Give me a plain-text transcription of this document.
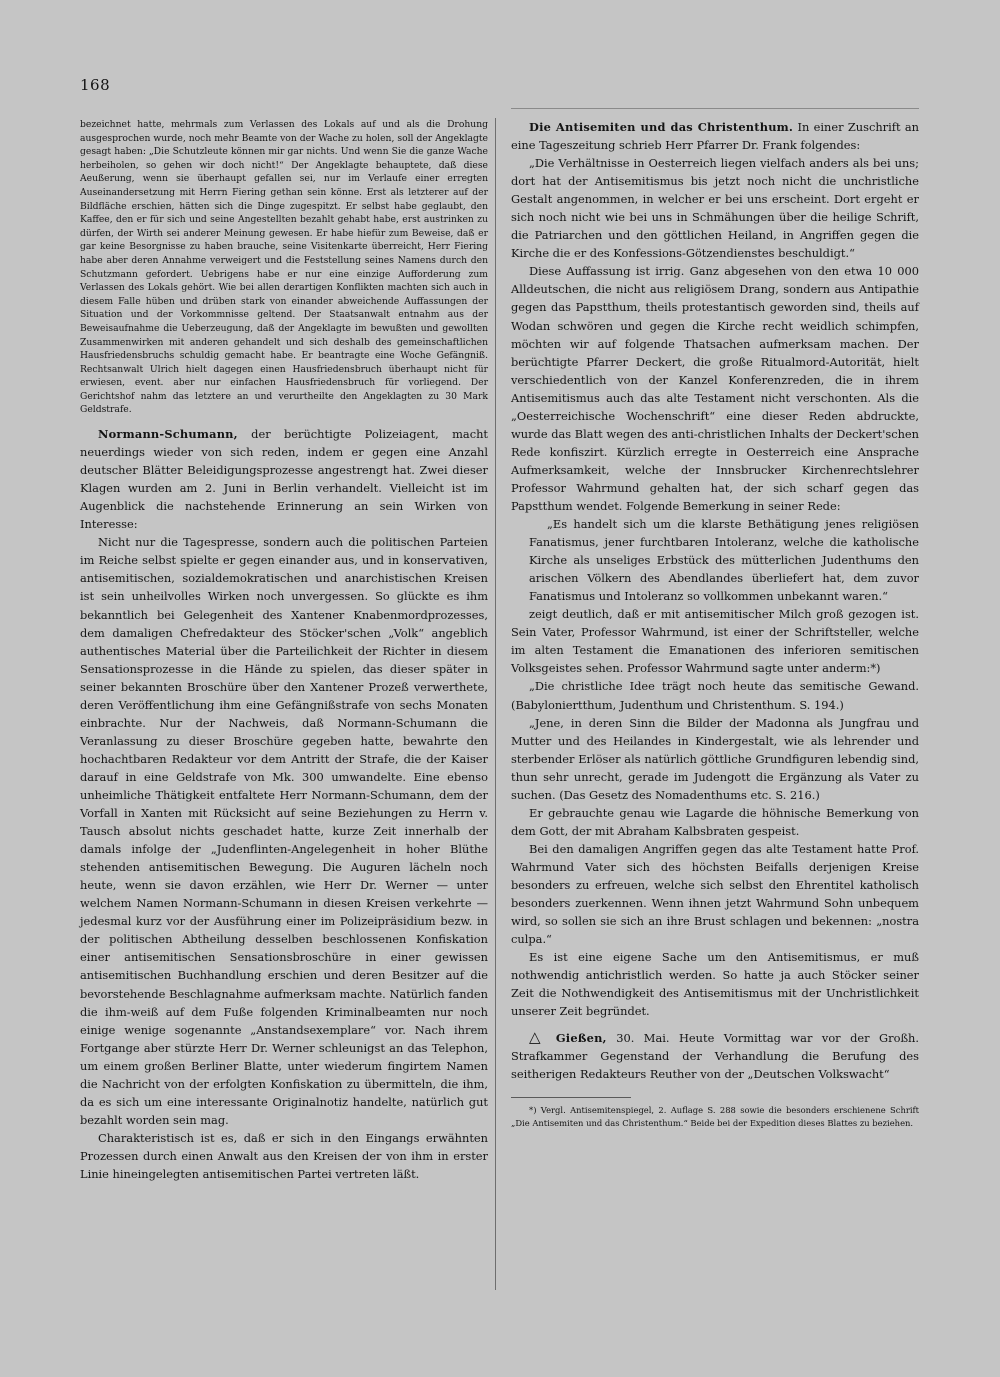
168

bezeichnet hatte, mehrmals zum Verlassen des Lokals auf und als die Drohung ausgesprochen wurde, noch mehr Beamte von der Wache zu holen, soll der Angeklagte gesagt haben: „Die Schutzleute können mir gar nichts. Und wenn Sie die ganze Wache herbeiholen, so gehen wir doch nicht!“ Der Angeklagte behauptete, daß diese Aeußerung, wenn sie überhaupt gefallen sei, nur im Verlaufe einer erregten Auseinandersetzung mit Herrn Fiering gethan sein könne. Erst als letzterer auf der Bildfläche erschien, hätten sich die Dinge zugespitzt. Er selbst habe geglaubt, den Kaffee, den er für sich und seine Angestellten bezahlt gehabt habe, erst austrinken zu dürfen, der Wirth sei anderer Meinung gewesen. Er habe hiefür zum Beweise, daß er gar keine Besorgnisse zu haben brauche, seine Visitenkarte überreicht, Herr Fiering habe aber deren Annahme verweigert und die Feststellung seines Namens durch den Schutzmann gefordert. Uebrigens habe er nur eine einzige Aufforderung zum Verlassen des Lokals gehört. Wie bei allen derartigen Konflikten machten sich auch in diesem Falle hüben und drüben stark von einander abweichende Auffassungen der Situation und der Vorkommnisse geltend. Der Staatsanwalt entnahm aus der Beweisaufnahme die Ueberzeugung, daß der Angeklagte im bewußten und gewollten Zusammenwirken mit anderen gehandelt und sich deshalb des gemeinschaftlichen Hausfriedensbruchs schuldig gemacht habe. Er beantragte eine Woche Gefängniß. Rechtsanwalt Ulrich hielt dagegen einen Hausfriedensbruch überhaupt nicht für erwiesen, event. aber nur einfachen Hausfriedensbruch für vorliegend. Der Gerichtshof nahm das letztere an und verurtheilte den Angeklagten zu 30 Mark Geldstrafe.

Normann-Schumann, der berüchtigte Polizeiagent, macht neuerdings wieder von sich reden, indem er gegen eine Anzahl deutscher Blätter Beleidigungsprozesse angestrengt hat. Zwei dieser Klagen wurden am 2. Juni in Berlin verhandelt. Vielleicht ist im Augenblick die nachstehende Erinnerung an sein Wirken von Interesse:

Nicht nur die Tagespresse, sondern auch die politischen Parteien im Reiche selbst spielte er gegen einander aus, und in konservativen, antisemitischen, sozialdemokratischen und anarchistischen Kreisen ist sein unheilvolles Wirken noch unvergessen. So glückte es ihm bekanntlich bei Gelegenheit des Xantener Knabenmordprozesses, dem damaligen Chefredakteur des Stöcker'schen „Volk“ angeblich authentisches Material über die Parteilichkeit der Richter in diesem Sensationsprozesse in die Hände zu spielen, das dieser später in seiner bekannten Broschüre über den Xantener Prozeß verwerthete, deren Veröffentlichung ihm eine Gefängnißstrafe von sechs Monaten einbrachte. Nur der Nachweis, daß Normann-Schumann die Veranlassung zu dieser Broschüre gegeben hatte, bewahrte den hochachtbaren Redakteur vor dem Antritt der Strafe, die der Kaiser darauf in eine Geldstrafe von Mk. 300 umwandelte. Eine ebenso unheimliche Thätigkeit entfaltete Herr Normann-Schumann, dem der Vorfall in Xanten mit Rücksicht auf seine Beziehungen zu Herrn v. Tausch absolut nichts geschadet hatte, kurze Zeit innerhalb der damals infolge der „Judenflinten-Angelegenheit in hoher Blüthe stehenden antisemitischen Bewegung. Die Auguren lächeln noch heute, wenn sie davon erzählen, wie Herr Dr. Werner — unter welchem Namen Normann-Schumann in diesen Kreisen verkehrte — jedesmal kurz vor der Ausführung einer im Polizeipräsidium bezw. in der politischen Abtheilung desselben beschlossenen Konfiskation einer antisemitischen Sensationsbroschüre in einer gewissen antisemitischen Buchhandlung erschien und deren Besitzer auf die bevorstehende Beschlagnahme aufmerksam machte. Natürlich fanden die ihm-weiß auf dem Fuße folgenden Kriminalbeamten nur noch einige wenige sogenannte „Anstandsexemplare“ vor. Nach ihrem Fortgange aber stürzte Herr Dr. Werner schleunigst an das Telephon, um einem großen Berliner Blatte, unter wiederum fingirtem Namen die Nachricht von der erfolgten Konfiskation zu übermitteln, die ihm, da es sich um eine interessante Originalnotiz handelte, natürlich gut bezahlt worden sein mag.

Charakteristisch ist es, daß er sich in den Eingangs erwähnten Prozessen durch einen Anwalt aus den Kreisen der von ihm in erster Linie hineingelegten antisemitischen Partei vertreten läßt.

Die Antisemiten und das Christenthum. In einer Zuschrift an eine Tageszeitung schrieb Herr Pfarrer Dr. Frank folgendes:

„Die Verhältnisse in Oesterreich liegen vielfach anders als bei uns; dort hat der Antisemitismus bis jetzt noch nicht die unchristliche Gestalt angenommen, in welcher er bei uns erscheint. Dort ergeht er sich noch nicht wie bei uns in Schmähungen über die heilige Schrift, die Patriarchen und den göttlichen Heiland, in Angriffen gegen die Kirche die er des Konfessions-Götzendienstes beschuldigt.“

Diese Auffassung ist irrig. Ganz abgesehen von den etwa 10 000 Alldeutschen, die nicht aus religiösem Drang, sondern aus Antipathie gegen das Papstthum, theils protestantisch geworden sind, theils auf Wodan schwören und gegen die Kirche recht weidlich schimpfen, möchten wir auf folgende Thatsachen aufmerksam machen. Der berüchtigte Pfarrer Deckert, die große Ritualmord-Autorität, hielt verschiedentlich von der Kanzel Konferenzreden, die in ihrem Antisemitismus auch das alte Testament nicht verschonten. Als die „Oesterreichische Wochenschrift“ eine dieser Reden abdruckte, wurde das Blatt wegen des anti-christlichen Inhalts der Deckert'schen Rede konfiszirt. Kürzlich erregte in Oesterreich eine Ansprache Aufmerksamkeit, welche der Innsbrucker Kirchenrechtslehrer Professor Wahrmund gehalten hat, der sich scharf gegen das Papstthum wendet. Folgende Bemerkung in seiner Rede:

„Es handelt sich um die klarste Bethätigung jenes religiösen Fanatismus, jener furchtbaren Intoleranz, welche die katholische Kirche als unseliges Erbstück des mütterlichen Judenthums den arischen Völkern des Abendlandes überliefert hat, dem zuvor Fanatismus und Intoleranz so vollkommen unbekannt waren.“

zeigt deutlich, daß er mit antisemitischer Milch groß gezogen ist. Sein Vater, Professor Wahrmund, ist einer der Schriftsteller, welche im alten Testament die Emanationen des inferioren semitischen Volksgeistes sehen. Professor Wahrmund sagte unter anderm:*)

„Die christliche Idee trägt noch heute das semitische Gewand. (Babyloniertthum, Judenthum und Christenthum. S. 194.)

„Jene, in deren Sinn die Bilder der Madonna als Jungfrau und Mutter und des Heilandes in Kindergestalt, wie als lehrender und sterbender Erlöser als natürlich göttliche Grundfiguren lebendig sind, thun sehr unrecht, gerade im Judengott die Ergänzung als Vater zu suchen. (Das Gesetz des Nomadenthums etc. S. 216.)

Er gebrauchte genau wie Lagarde die höhnische Bemerkung von dem Gott, der mit Abraham Kalbsbraten gespeist.

Bei den damaligen Angriffen gegen das alte Testament hatte Prof. Wahrmund Vater sich des höchsten Beifalls derjenigen Kreise besonders zu erfreuen, welche sich selbst den Ehrentitel katholisch besonders zuerkennen. Wenn ihnen jetzt Wahrmund Sohn unbequem wird, so sollen sie sich an ihre Brust schlagen und bekennen: „nostra culpa.“

Es ist eine eigene Sache um den Antisemitismus, er muß nothwendig antichristlich werden. So hatte ja auch Stöcker seiner Zeit die Nothwendigkeit des Antisemitismus mit der Unchristlichkeit unserer Zeit begründet.

△ Gießen, 30. Mai. Heute Vormittag war vor der Großh. Strafkammer Gegenstand der Verhandlung die Berufung des seitherigen Redakteurs Reuther von der „Deutschen Volkswacht“

*) Vergl. Antisemitenspiegel, 2. Auflage S. 288 sowie die besonders erschienene Schrift „Die Antisemiten und das Christenthum.“ Beide bei der Expedition dieses Blattes zu beziehen.
